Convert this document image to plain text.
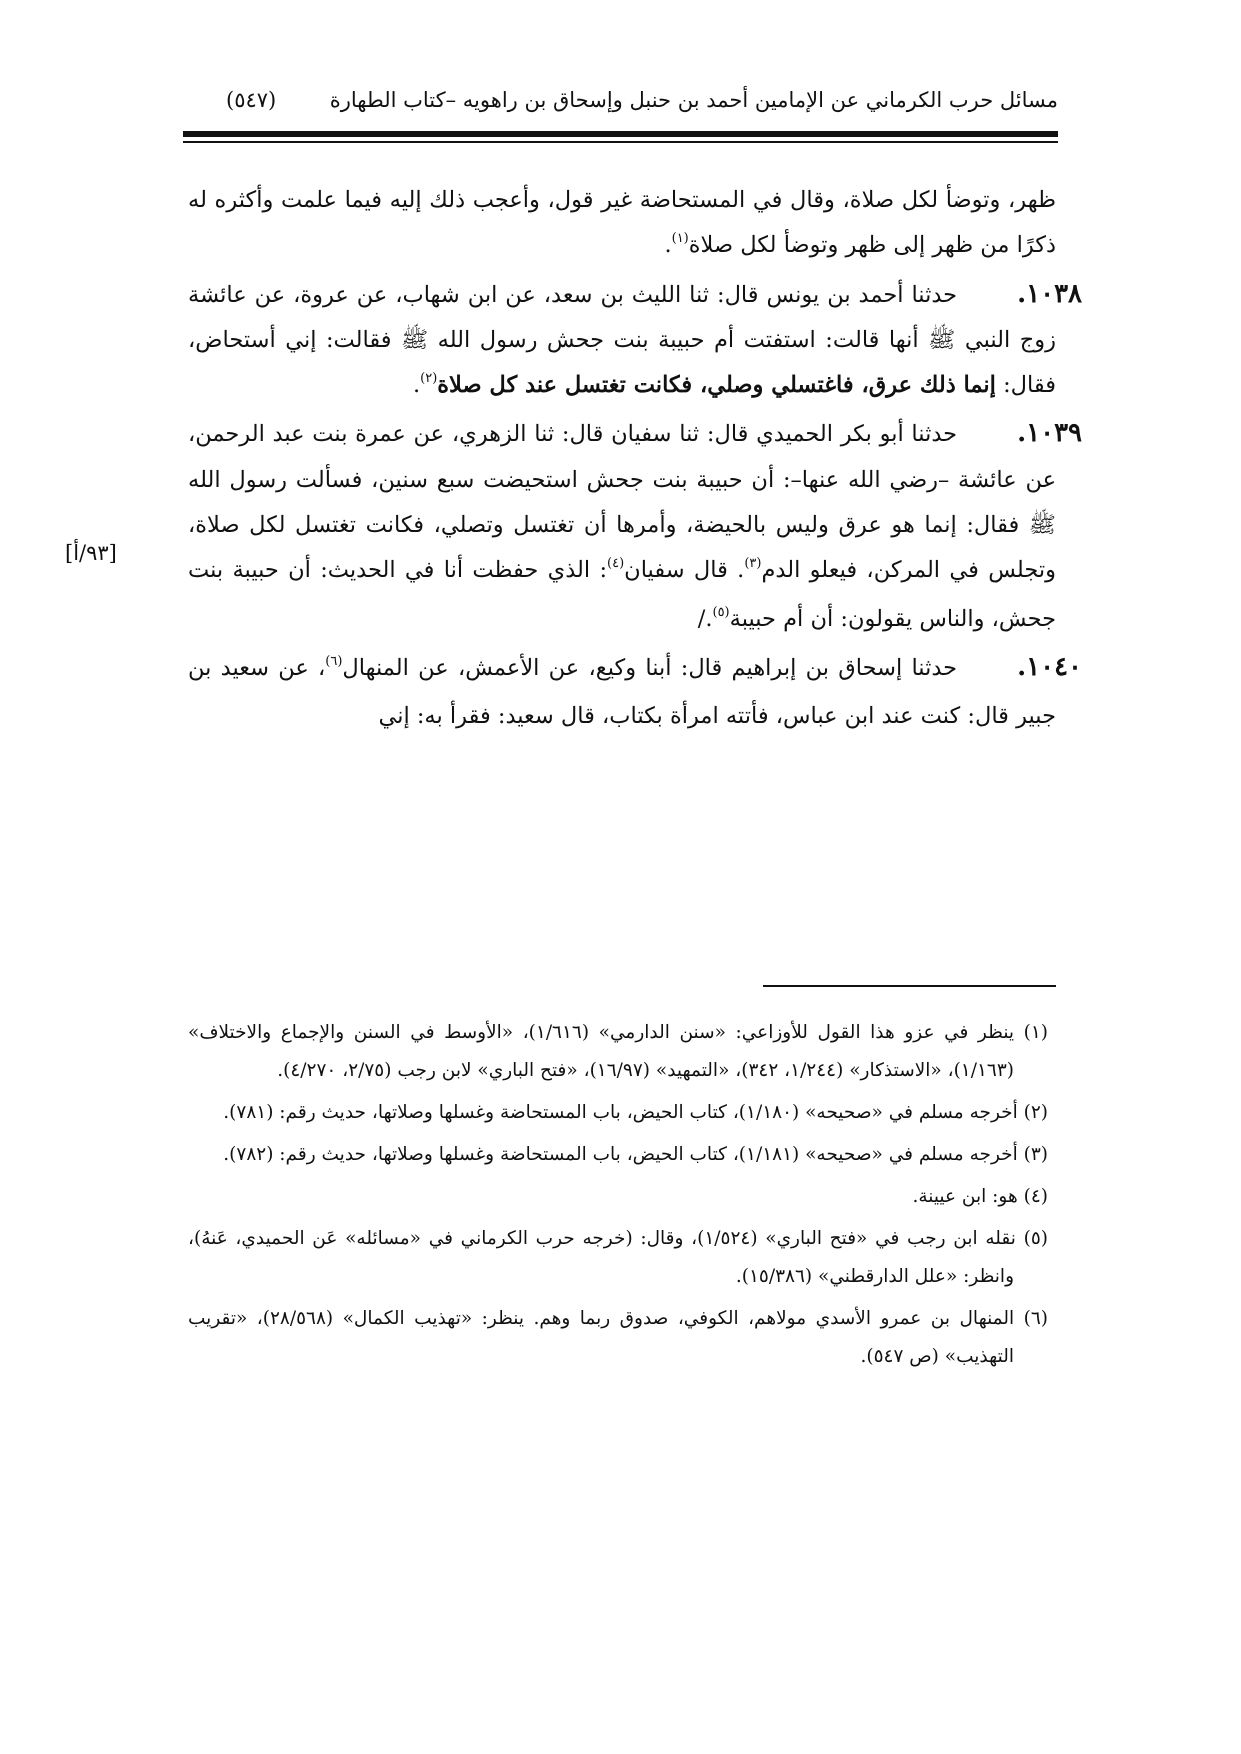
مسائل حرب الكرماني عن الإمامين أحمد بن حنبل وإسحاق بن راهويه –كتاب الطهارة
(٥٤٧)
[٩٣/أ]

ظهر، وتوضأ لكل صلاة، وقال في المستحاضة غير قول، وأعجب ذلك إليه فيما علمت وأكثره له ذكرًا من ظهر إلى ظهر وتوضأ لكل صلاة$^{(١)}$.

١٠٣٨.حدثنا أحمد بن يونس قال: ثنا الليث بن سعد، عن ابن شهاب، عن عروة، عن عائشة زوج النبي ﷺ أنها قالت: استفتت أم حبيبة بنت جحش رسول الله ﷺ فقالت: إني أستحاض، فقال: إنما ذلك عرق، فاغتسلي وصلي، فكانت تغتسل عند كل صلاة$^{(٢)}$.

١٠٣٩.حدثنا أبو بكر الحميدي قال: ثنا سفيان قال: ثنا الزهري، عن عمرة بنت عبد الرحمن، عن عائشة –رضي الله عنها–: أن حبيبة بنت جحش استحيضت سبع سنين، فسألت رسول الله ﷺ فقال: إنما هو عرق وليس بالحيضة، وأمرها أن تغتسل وتصلي، فكانت تغتسل لكل صلاة، وتجلس في المركن، فيعلو الدم$^{(٣)}$. قال سفيان$^{(٤)}$: الذي حفظت أنا في الحديث: أن حبيبة بنت جحش، والناس يقولون: أن أم حبيبة$^{(٥)}$./

١٠٤٠.حدثنا إسحاق بن إبراهيم قال: أبنا وكيع، عن الأعمش، عن المنهال$^{(٦)}$، عن سعيد بن جبير قال: كنت عند ابن عباس، فأتته امرأة بكتاب، قال سعيد: فقرأ به: إني

(١) ينظر في عزو هذا القول للأوزاعي: «سنن الدارمي» (١/٦١٦)، «الأوسط في السنن والإجماع والاختلاف» (١/١٦٣)، «الاستذكار» (١/٢٤٤، ٣٤٢)، «التمهيد» (١٦/٩٧)، «فتح الباري» لابن رجب (٢/٧٥، ٤/٢٧٠).

(٢) أخرجه مسلم في «صحيحه» (١/١٨٠)، كتاب الحيض، باب المستحاضة وغسلها وصلاتها، حديث رقم: (٧٨١).

(٣) أخرجه مسلم في «صحيحه» (١/١٨١)، كتاب الحيض، باب المستحاضة وغسلها وصلاتها، حديث رقم: (٧٨٢).

(٤) هو: ابن عيينة.

(٥) نقله ابن رجب في «فتح الباري» (١/٥٢٤)، وقال: (خرجه حرب الكرماني في «مسائله» عَن الحميدي، عَنهُ)، وانظر: «علل الدارقطني» (١٥/٣٨٦).

(٦) المنهال بن عمرو الأسدي مولاهم، الكوفي، صدوق ربما وهم. ينظر: «تهذيب الكمال» (٢٨/٥٦٨)، «تقريب التهذيب» (ص ٥٤٧).
